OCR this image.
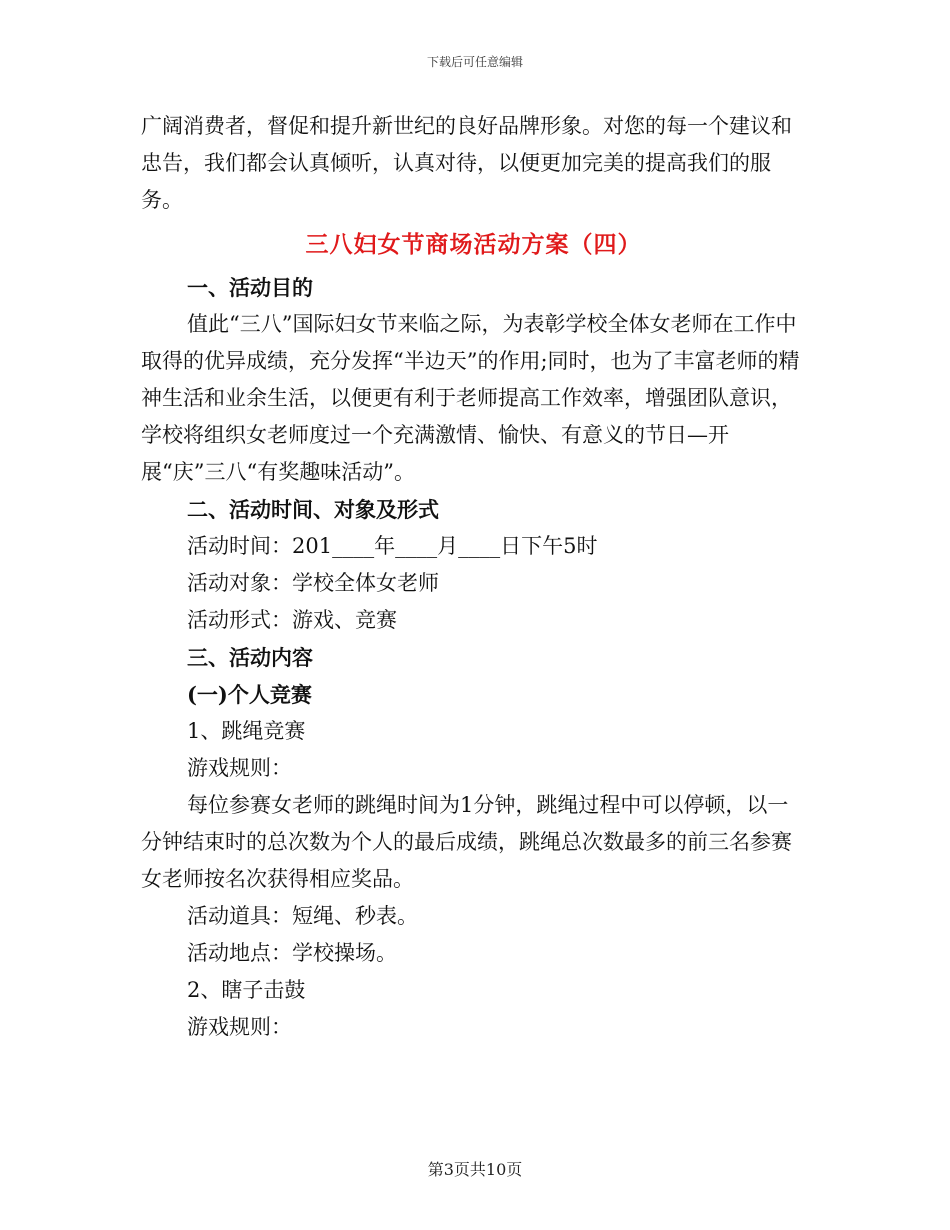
下载后可任意编辑

广阔消费者，督促和提升新世纪的良好品牌形象。对您的每一个建议和忠告，我们都会认真倾听，认真对待，以便更加完美的提高我们的服务。

三八妇女节商场活动方案（四）

一、活动目的

值此“三八”国际妇女节来临之际，为表彰学校全体女老师在工作中取得的优异成绩，充分发挥“半边天”的作用;同时，也为了丰富老师的精神生活和业余生活，以便更有利于老师提高工作效率，增强团队意识，学校将组织女老师度过一个充满激情、愉快、有意义的节日—开展“庆”三八“有奖趣味活动”。

二、活动时间、对象及形式

活动时间：201____年____月____日下午5时

活动对象：学校全体女老师

活动形式：游戏、竞赛

三、活动内容

(一)个人竞赛

1、跳绳竞赛

游戏规则：

每位参赛女老师的跳绳时间为1分钟，跳绳过程中可以停顿，以一分钟结束时的总次数为个人的最后成绩，跳绳总次数最多的前三名参赛女老师按名次获得相应奖品。

活动道具：短绳、秒表。

活动地点：学校操场。

2、瞎子击鼓

游戏规则：

第3页共10页
